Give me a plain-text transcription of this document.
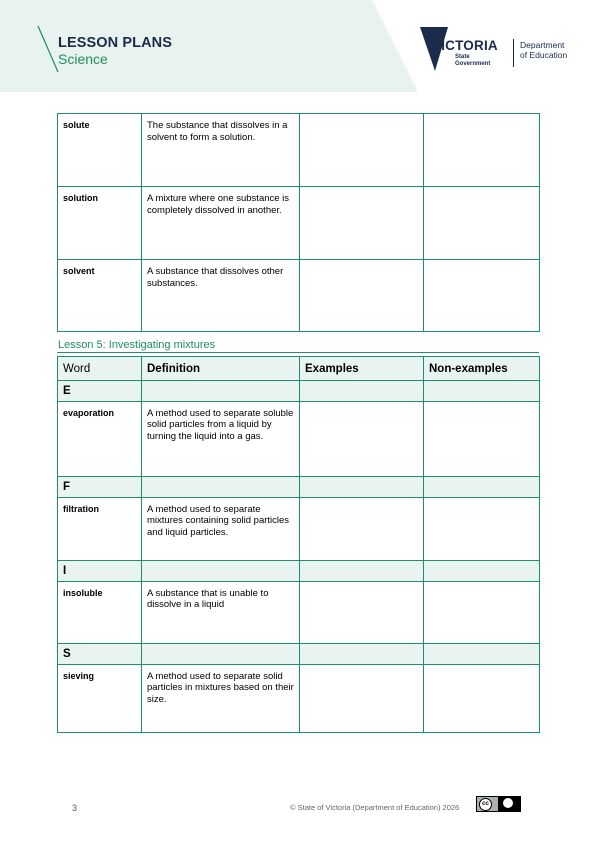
LESSON PLANS
Science
VICTORIA
State
Government
Department
of Education
solute	The substance that dissolves in a solvent to form a solution.		
solution	A mixture where one substance is completely dissolved in another.		
solvent	A substance that dissolves other substances.		
Lesson 5: Investigating mixtures
Word	Definition	Examples	Non-examples
E			
evaporation	A method used to separate soluble solid particles from a liquid by turning the liquid into a gas.		
F			
filtration	A method used to separate mixtures containing solid particles and liquid particles.		
I			
insoluble	A substance that is unable to dissolve in a liquid		
S			
sieving	A method used to separate solid particles in mixtures based on their size.		
3	© State of Victoria (Department of Education) 2026	cc
